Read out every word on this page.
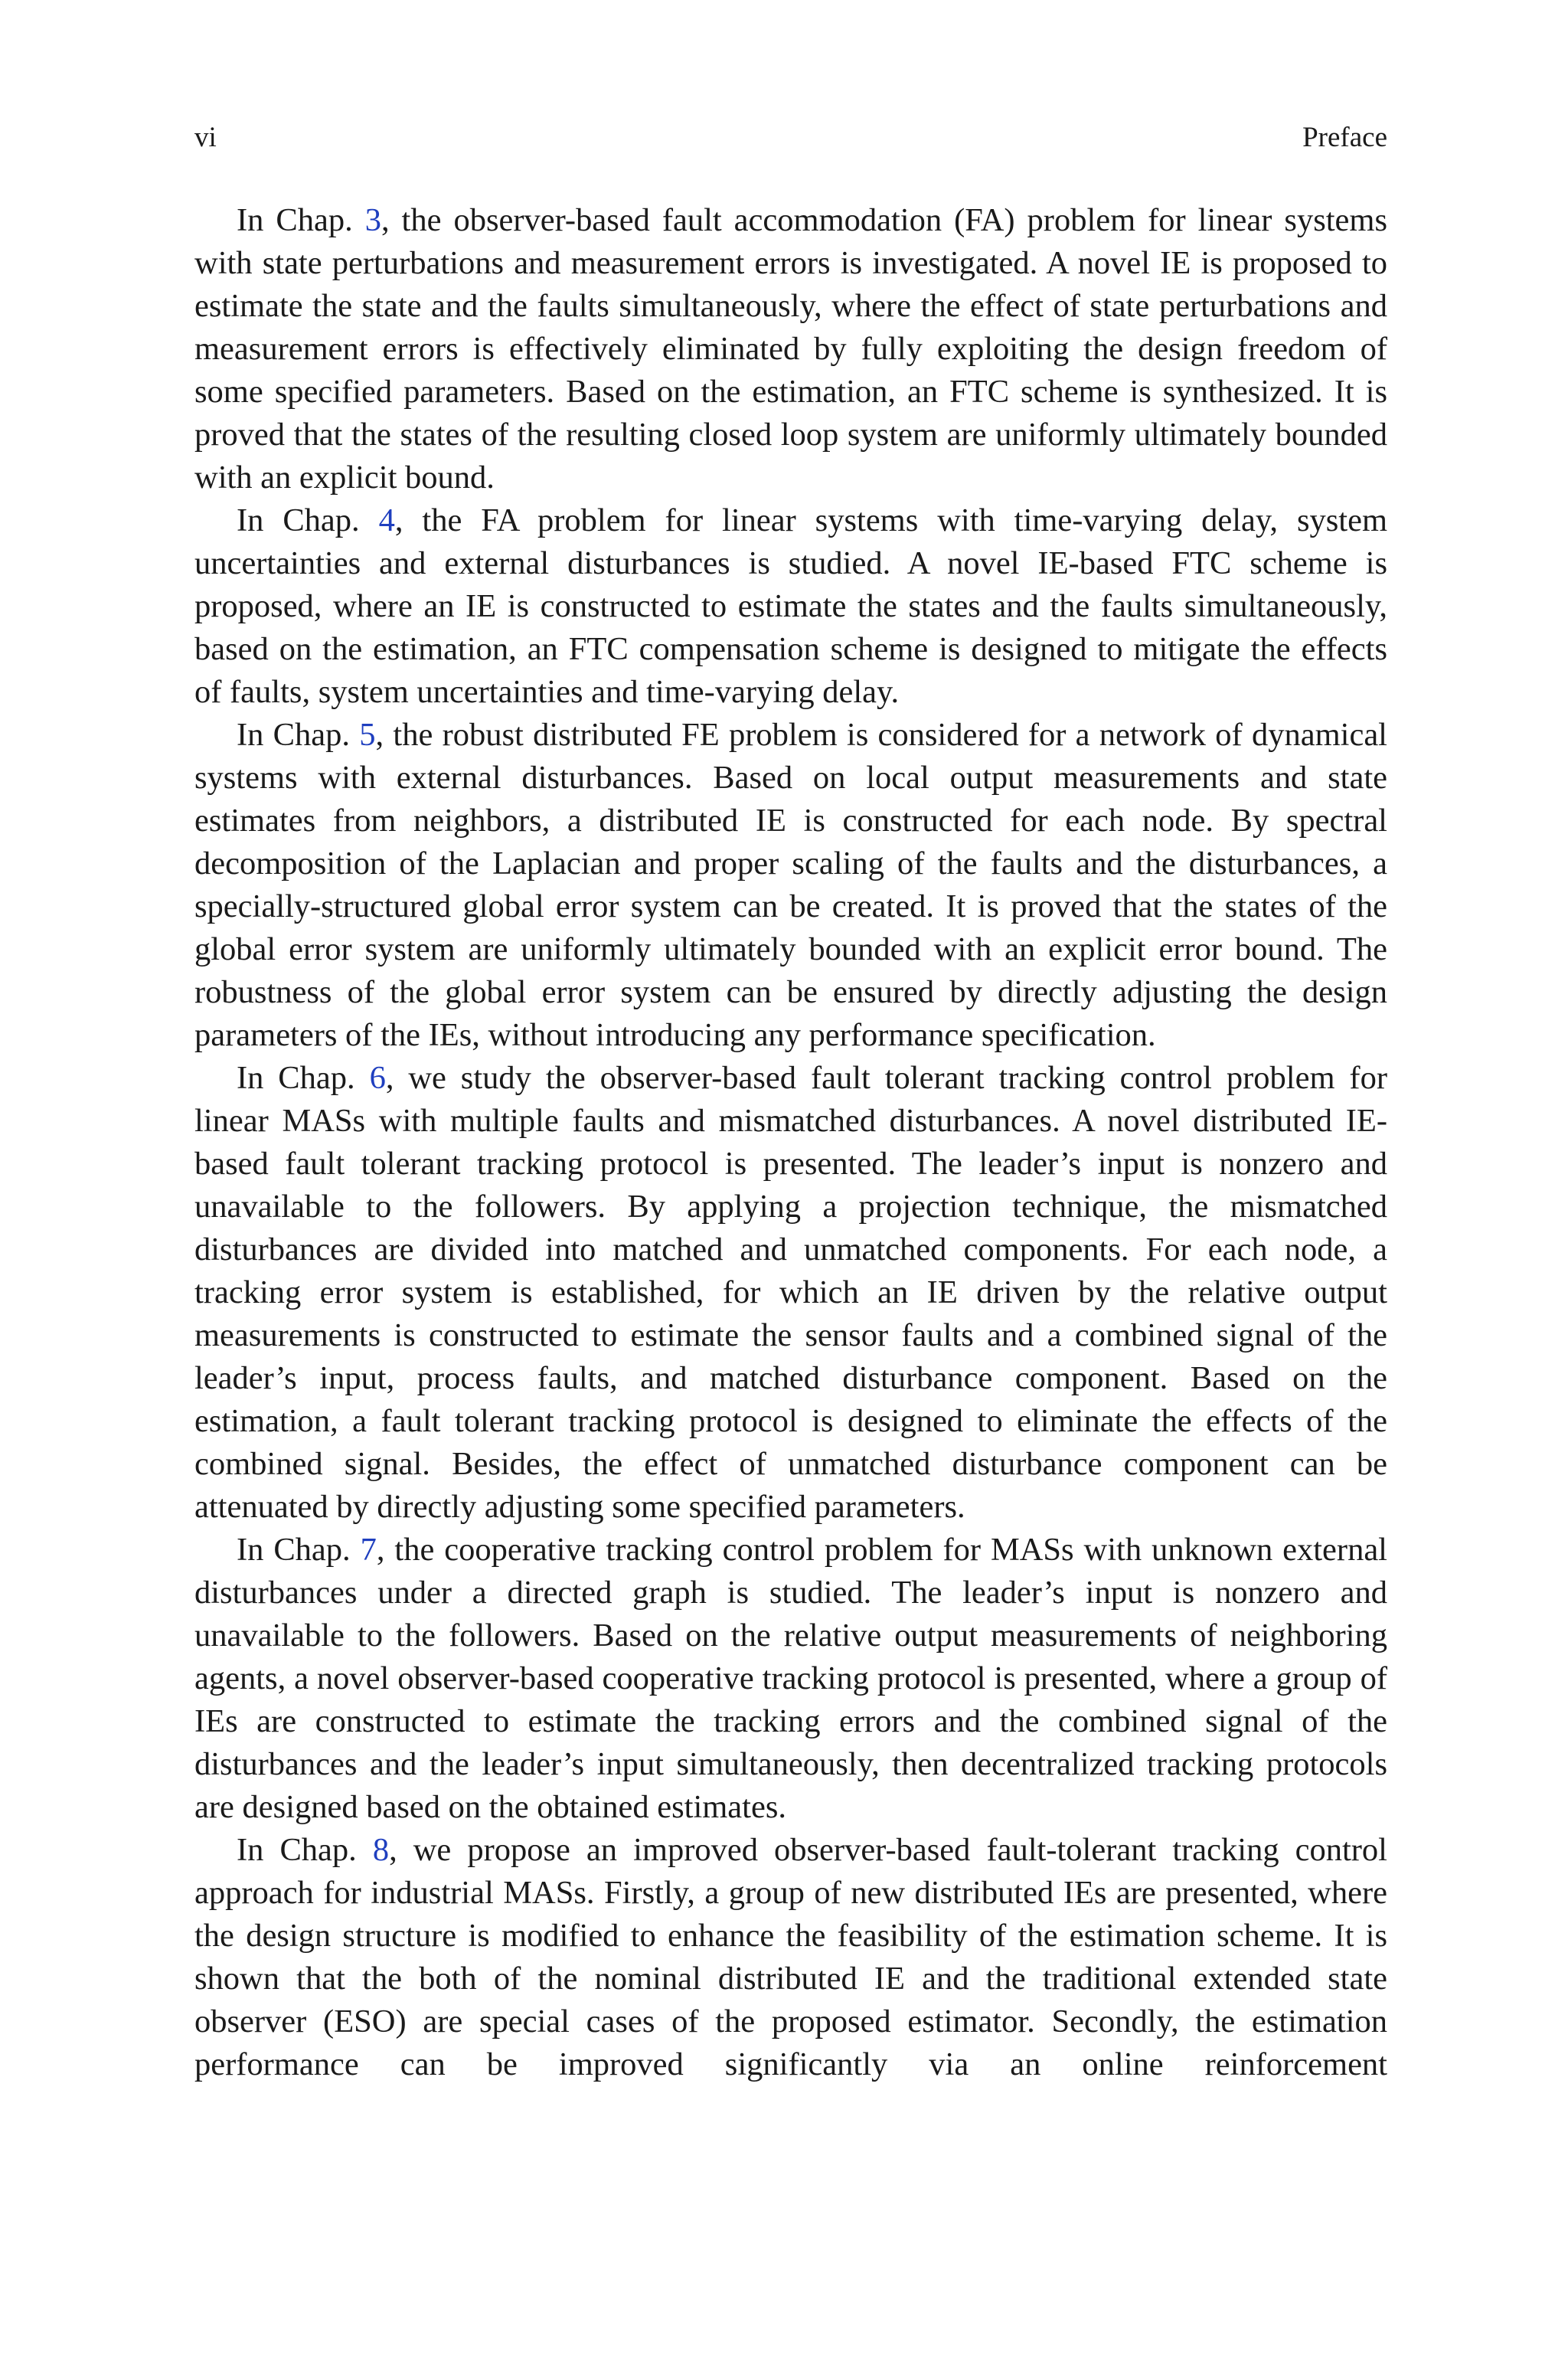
vi	Preface

In Chap. 3, the observer-based fault accommodation (FA) problem for linear systems with state perturbations and measurement errors is investigated. A novel IE is proposed to estimate the state and the faults simultaneously, where the effect of state perturbations and measurement errors is effectively eliminated by fully exploiting the design freedom of some specified parameters. Based on the estimation, an FTC scheme is synthesized. It is proved that the states of the resulting closed loop system are uniformly ultimately bounded with an explicit bound.

In Chap. 4, the FA problem for linear systems with time-varying delay, system uncertainties and external disturbances is studied. A novel IE-based FTC scheme is proposed, where an IE is constructed to estimate the states and the faults simultaneously, based on the estimation, an FTC compensation scheme is designed to mitigate the effects of faults, system uncertainties and time-varying delay.

In Chap. 5, the robust distributed FE problem is considered for a network of dynamical systems with external disturbances. Based on local output measurements and state estimates from neighbors, a distributed IE is constructed for each node. By spectral decomposition of the Laplacian and proper scaling of the faults and the disturbances, a specially-structured global error system can be created. It is proved that the states of the global error system are uniformly ultimately bounded with an explicit error bound. The robustness of the global error system can be ensured by directly adjusting the design parameters of the IEs, without introducing any performance specification.

In Chap. 6, we study the observer-based fault tolerant tracking control problem for linear MASs with multiple faults and mismatched disturbances. A novel distributed IE-based fault tolerant tracking protocol is presented. The leader’s input is nonzero and unavailable to the followers. By applying a projection technique, the mismatched disturbances are divided into matched and unmatched components. For each node, a tracking error system is established, for which an IE driven by the relative output measurements is constructed to estimate the sensor faults and a combined signal of the leader’s input, process faults, and matched disturbance component. Based on the estimation, a fault tolerant tracking protocol is designed to eliminate the effects of the combined signal. Besides, the effect of unmatched disturbance component can be attenuated by directly adjusting some specified parameters.

In Chap. 7, the cooperative tracking control problem for MASs with unknown external disturbances under a directed graph is studied. The leader’s input is nonzero and unavailable to the followers. Based on the relative output measurements of neighboring agents, a novel observer-based cooperative tracking protocol is presented, where a group of IEs are constructed to estimate the tracking errors and the combined signal of the disturbances and the leader’s input simultaneously, then decentralized tracking protocols are designed based on the obtained estimates.

In Chap. 8, we propose an improved observer-based fault-tolerant tracking control approach for industrial MASs. Firstly, a group of new distributed IEs are presented, where the design structure is modified to enhance the feasibility of the estimation scheme. It is shown that the both of the nominal distributed IE and the traditional extended state observer (ESO) are special cases of the proposed estimator. Secondly, the estimation performance can be improved significantly via an online reinforcement
